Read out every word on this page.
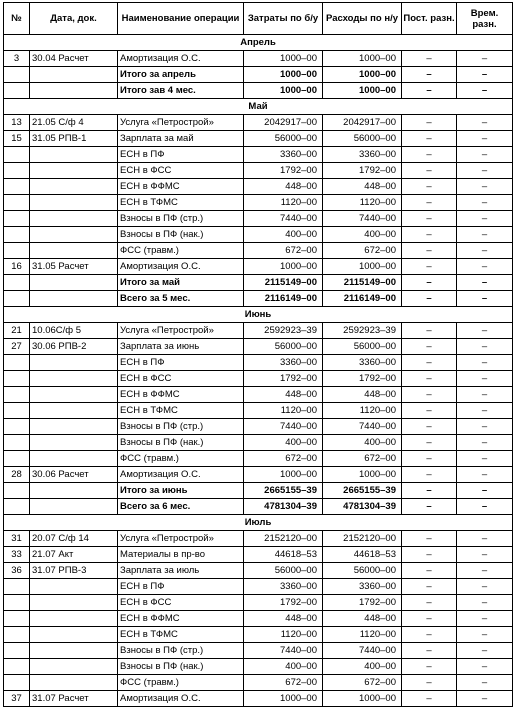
№	Дата, док.	Наименование операции	Затраты по б/у	Расходы по н/у	Пост. разн.	Врем. разн.
Апрель						
3	30.04 Расчет	Амортизация О.С.	1000–00	1000–00	–	–
		Итого за апрель	1000–00	1000–00	–	–
		Итого зав 4 мес.	1000–00	1000–00	–	–
Май						
13	21.05 С/ф 4	Услуга «Петрострой»	2042917–00	2042917–00	–	–
15	31.05 РПВ-1	Зарплата за май	56000–00	56000–00	–	–
		ЕСН в ПФ	3360–00	3360–00	–	–
		ЕСН в ФСС	1792–00	1792–00	–	–
		ЕСН в ФФМС	448–00	448–00	–	–
		ЕСН в ТФМС	1120–00	1120–00	–	–
		Взносы в ПФ (стр.)	7440–00	7440–00	–	–
		Взносы в ПФ (нак.)	400–00	400–00	–	–
		ФСС (травм.)	672–00	672–00	–	–
16	31.05 Расчет	Амортизация О.С.	1000–00	1000–00	–	–
		Итого за май	2115149–00	2115149–00	–	–
		Всего за 5 мес.	2116149–00	2116149–00	–	–
Июнь						
21	10.06С/ф 5	Услуга «Петрострой»	2592923–39	2592923–39	–	–
27	30.06 РПВ-2	Зарплата за июнь	56000–00	56000–00	–	–
		ЕСН в ПФ	3360–00	3360–00	–	–
		ЕСН в ФСС	1792–00	1792–00	–	–
		ЕСН в ФФМС	448–00	448–00	–	–
		ЕСН в ТФМС	1120–00	1120–00	–	–
		Взносы в ПФ (стр.)	7440–00	7440–00	–	–
		Взносы в ПФ (нак.)	400–00	400–00	–	–
		ФСС (травм.)	672–00	672–00	–	–
28	30.06 Расчет	Амортизация О.С.	1000–00	1000–00	–	–
		Итого за июнь	2665155–39	2665155–39	–	–
		Всего за 6 мес.	4781304–39	4781304–39	–	–
Июль						
31	20.07 С/ф 14	Услуга «Петрострой»	2152120–00	2152120–00	–	–
33	21.07 Акт	Материалы в пр-во	44618–53	44618–53	–	–
36	31.07 РПВ-3	Зарплата за июль	56000–00	56000–00	–	–
		ЕСН в ПФ	3360–00	3360–00	–	–
		ЕСН в ФСС	1792–00	1792–00	–	–
		ЕСН в ФФМС	448–00	448–00	–	–
		ЕСН в ТФМС	1120–00	1120–00	–	–
		Взносы в ПФ (стр.)	7440–00	7440–00	–	–
		Взносы в ПФ (нак.)	400–00	400–00	–	–
		ФСС (травм.)	672–00	672–00	–	–
37	31.07 Расчет	Амортизация О.С.	1000–00	1000–00	–	–
